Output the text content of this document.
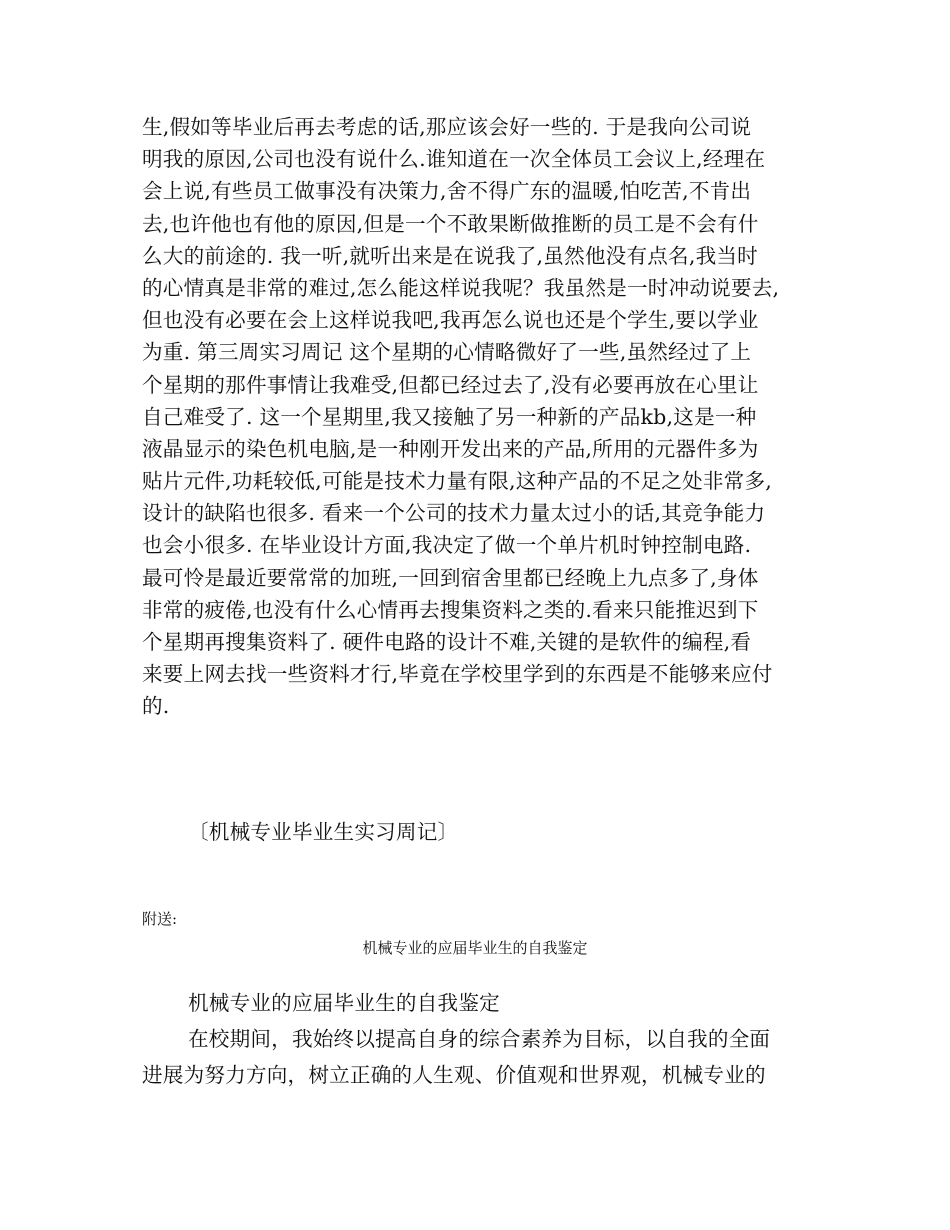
生,假如等毕业后再去考虑的话,那应该会好一些的. 于是我向公司说
明我的原因,公司也没有说什么.谁知道在一次全体员工会议上,经理在
会上说,有些员工做事没有决策力,舍不得广东的温暖,怕吃苦,不肯出
去,也许他也有他的原因,但是一个不敢果断做推断的员工是不会有什
么大的前途的. 我一听,就听出来是在说我了,虽然他没有点名,我当时
的心情真是非常的难过,怎么能这样说我呢？我虽然是一时冲动说要去,
但也没有必要在会上这样说我吧,我再怎么说也还是个学生,要以学业
为重. 第三周实习周记 这个星期的心情略微好了一些,虽然经过了上
个星期的那件事情让我难受,但都已经过去了,没有必要再放在心里让
自己难受了. 这一个星期里,我又接触了另一种新的产品kb,这是一种
液晶显示的染色机电脑,是一种刚开发出来的产品,所用的元器件多为
贴片元件,功耗较低,可能是技术力量有限,这种产品的不足之处非常多,
设计的缺陷也很多. 看来一个公司的技术力量太过小的话,其竞争能力
也会小很多. 在毕业设计方面,我决定了做一个单片机时钟控制电路.
最可怜是最近要常常的加班,一回到宿舍里都已经晚上九点多了,身体
非常的疲倦,也没有什么心情再去搜集资料之类的.看来只能推迟到下
个星期再搜集资料了. 硬件电路的设计不难,关键的是软件的编程,看
来要上网去找一些资料才行,毕竟在学校里学到的东西是不能够来应付
的.
〔机械专业毕业生实习周记〕
附送:
机械专业的应届毕业生的自我鉴定
机械专业的应届毕业生的自我鉴定
在校期间，我始终以提高自身的综合素养为目标，以自我的全面
进展为努力方向，树立正确的人生观、价值观和世界观，机械专业的
